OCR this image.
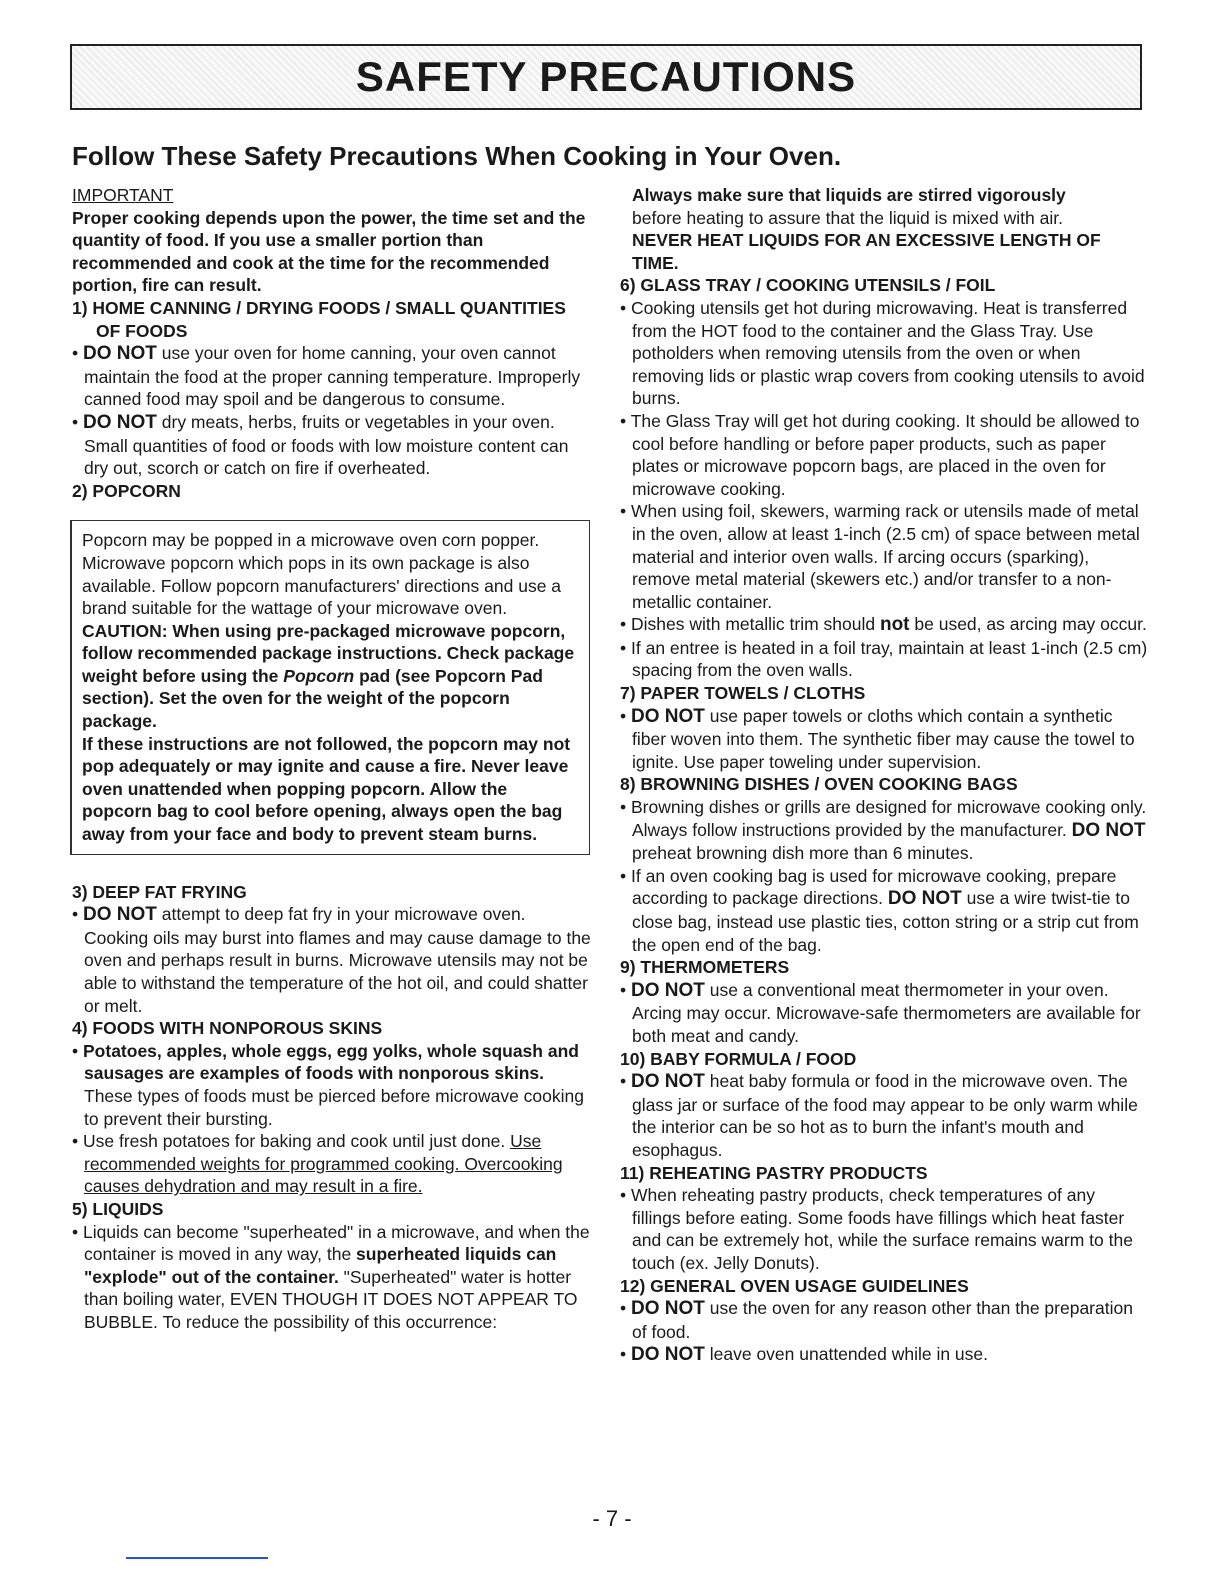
SAFETY PRECAUTIONS
Follow These Safety Precautions When Cooking in Your Oven.

IMPORTANT

Proper cooking depends upon the power, the time set and the quantity of food. If you use a smaller portion than recommended and cook at the time for the recommended portion, fire can result.

1) HOME CANNING / DRYING FOODS / SMALL QUANTITIES OF FOODS

• DO NOT use your oven for home canning, your oven cannot maintain the food at the proper canning temperature. Improperly canned food may spoil and be dangerous to consume.

• DO NOT dry meats, herbs, fruits or vegetables in your oven. Small quantities of food or foods with low moisture content can dry out, scorch or catch on fire if overheated.

2) POPCORN

Popcorn may be popped in a microwave oven corn popper. Microwave popcorn which pops in its own package is also available. Follow popcorn manufacturers' directions and use a brand suitable for the wattage of your microwave oven.

CAUTION: When using pre-packaged microwave popcorn, follow recommended package instructions. Check package weight before using the Popcorn pad (see Popcorn Pad section). Set the oven for the weight of the popcorn package.

If these instructions are not followed, the popcorn may not pop adequately or may ignite and cause a fire. Never leave oven unattended when popping popcorn. Allow the popcorn bag to cool before opening, always open the bag away from your face and body to prevent steam burns.

3) DEEP FAT FRYING

• DO NOT attempt to deep fat fry in your microwave oven. Cooking oils may burst into flames and may cause damage to the oven and perhaps result in burns. Microwave utensils may not be able to withstand the temperature of the hot oil, and could shatter or melt.

4) FOODS WITH NONPOROUS SKINS

• Potatoes, apples, whole eggs, egg yolks, whole squash and sausages are examples of foods with nonporous skins. These types of foods must be pierced before microwave cooking to prevent their bursting.

• Use fresh potatoes for baking and cook until just done. Use recommended weights for programmed cooking. Overcooking causes dehydration and may result in a fire.

5) LIQUIDS

• Liquids can become "superheated" in a microwave, and when the container is moved in any way, the superheated liquids can "explode" out of the container. "Superheated" water is hotter than boiling water, EVEN THOUGH IT DOES NOT APPEAR TO BUBBLE. To reduce the possibility of this occurrence:

Always make sure that liquids are stirred vigorously

before heating to assure that the liquid is mixed with air.

NEVER HEAT LIQUIDS FOR AN EXCESSIVE LENGTH OF TIME.

6) GLASS TRAY / COOKING UTENSILS / FOIL

• Cooking utensils get hot during microwaving. Heat is transferred from the HOT food to the container and the Glass Tray. Use potholders when removing utensils from the oven or when removing lids or plastic wrap covers from cooking utensils to avoid burns.

• The Glass Tray will get hot during cooking. It should be allowed to cool before handling or before paper products, such as paper plates or microwave popcorn bags, are placed in the oven for microwave cooking.

• When using foil, skewers, warming rack or utensils made of metal in the oven, allow at least 1-inch (2.5 cm) of space between metal material and interior oven walls. If arcing occurs (sparking), remove metal material (skewers etc.) and/or transfer to a non-metallic container.

• Dishes with metallic trim should not be used, as arcing may occur.

• If an entree is heated in a foil tray, maintain at least 1-inch (2.5 cm) spacing from the oven walls.

7) PAPER TOWELS / CLOTHS

• DO NOT use paper towels or cloths which contain a synthetic fiber woven into them. The synthetic fiber may cause the towel to ignite. Use paper toweling under supervision.

8) BROWNING DISHES / OVEN COOKING BAGS

• Browning dishes or grills are designed for microwave cooking only. Always follow instructions provided by the manufacturer. DO NOT preheat browning dish more than 6 minutes.

• If an oven cooking bag is used for microwave cooking, prepare according to package directions. DO NOT use a wire twist-tie to close bag, instead use plastic ties, cotton string or a strip cut from the open end of the bag.

9) THERMOMETERS

• DO NOT use a conventional meat thermometer in your oven. Arcing may occur. Microwave-safe thermometers are available for both meat and candy.

10) BABY FORMULA / FOOD

• DO NOT heat baby formula or food in the microwave oven. The glass jar or surface of the food may appear to be only warm while the interior can be so hot as to burn the infant's mouth and esophagus.

11) REHEATING PASTRY PRODUCTS

• When reheating pastry products, check temperatures of any fillings before eating. Some foods have fillings which heat faster and can be extremely hot, while the surface remains warm to the touch (ex. Jelly Donuts).

12) GENERAL OVEN USAGE GUIDELINES

• DO NOT use the oven for any reason other than the preparation of food.

• DO NOT leave oven unattended while in use.

- 7 -
